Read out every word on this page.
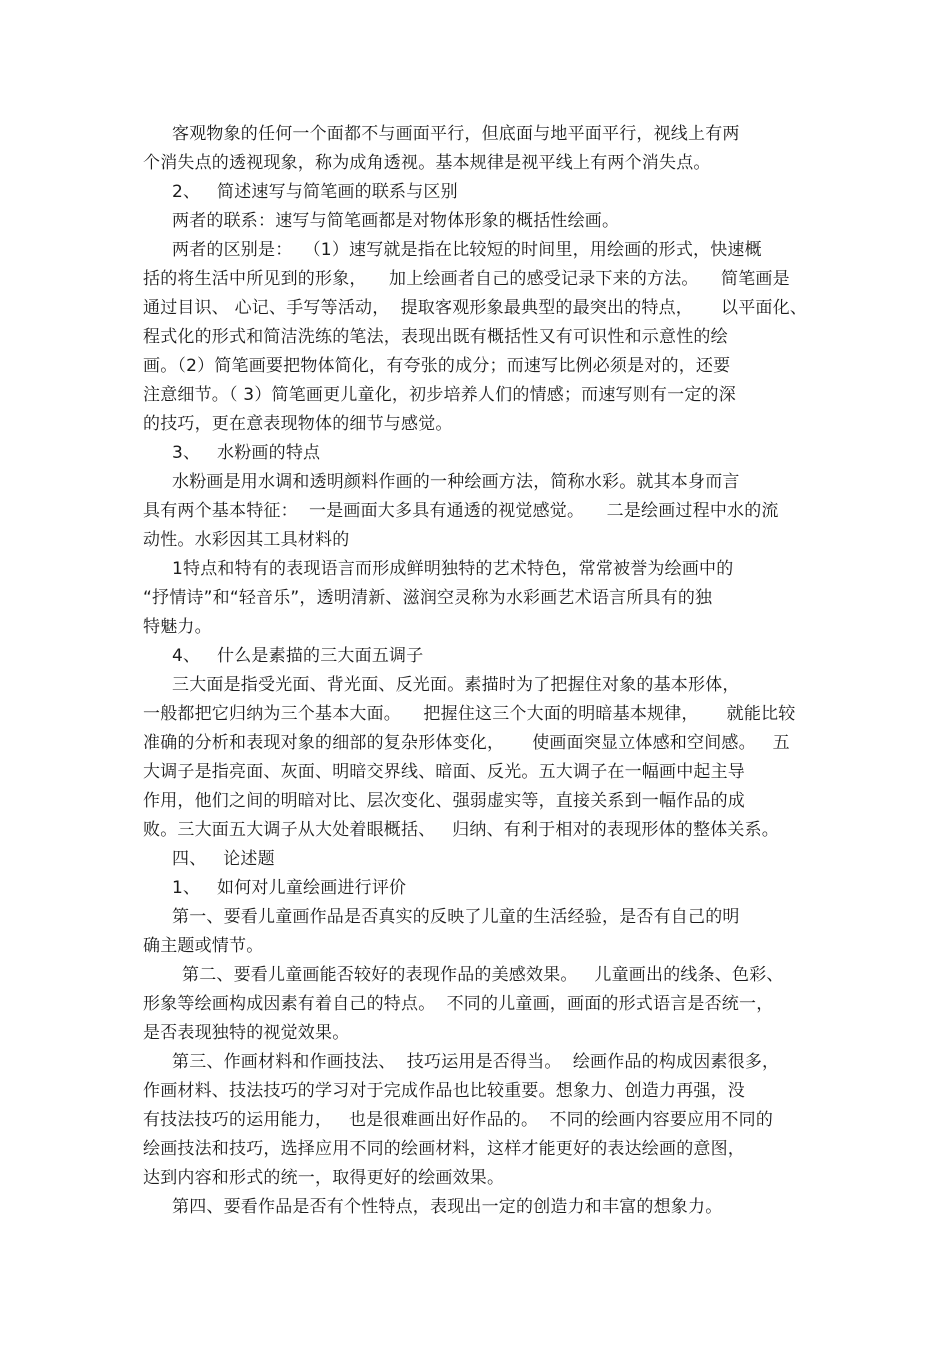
客观物象的任何一个面都不与画面平行，但底面与地平面平行，视线上有两

个消失点的透视现象，称为成角透视。基本规律是视平线上有两个消失点。

2、   简述速写与简笔画的联系与区别

两者的联系：速写与简笔画都是对物体形象的概括性绘画。

两者的区别是：  （1）速写就是指在比较短的时间里，用绘画的形式，快速概

括的将生活中所见到的形象，    加上绘画者自己的感受记录下来的方法。    简笔画是

通过目识、 心记、手写等活动，  提取客观形象最典型的最突出的特点，     以平面化、

程式化的形式和简洁洗练的笔法，表现出既有概括性又有可识性和示意性的绘

画。（2）简笔画要把物体简化，有夸张的成分；而速写比例必须是对的，还要

注意细节。（ 3）简笔画更儿童化，初步培养人们的情感；而速写则有一定的深

的技巧，更在意表现物体的细节与感觉。

3、   水粉画的特点

水粉画是用水调和透明颜料作画的一种绘画方法，简称水彩。就其本身而言

具有两个基本特征：  一是画面大多具有通透的视觉感觉。    二是绘画过程中水的流

动性。水彩因其工具材料的

1特点和特有的表现语言而形成鲜明独特的艺术特色，常常被誉为绘画中的

“抒情诗”和“轻音乐”，透明清新、滋润空灵称为水彩画艺术语言所具有的独

特魅力。

4、   什么是素描的三大面五调子

三大面是指受光面、背光面、反光面。素描时为了把握住对象的基本形体，

一般都把它归纳为三个基本大面。    把握住这三个大面的明暗基本规律，     就能比较

准确的分析和表现对象的细部的复杂形体变化，     使画面突显立体感和空间感。   五

大调子是指亮面、灰面、明暗交界线、暗面、反光。五大调子在一幅画中起主导

作用，他们之间的明暗对比、层次变化、强弱虚实等，直接关系到一幅作品的成

败。三大面五大调子从大处着眼概括、   归纳、有利于相对的表现形体的整体关系。

四、   论述题

1、   如何对儿童绘画进行评价

第一、要看儿童画作品是否真实的反映了儿童的生活经验，是否有自己的明

确主题或情节。

第二、要看儿童画能否较好的表现作品的美感效果。   儿童画出的线条、色彩、

形象等绘画构成因素有着自己的特点。  不同的儿童画，画面的形式语言是否统一，

是否表现独特的视觉效果。

第三、作画材料和作画技法、  技巧运用是否得当。  绘画作品的构成因素很多，

作画材料、技法技巧的学习对于完成作品也比较重要。想象力、创造力再强，没

有技法技巧的运用能力，   也是很难画出好作品的。  不同的绘画内容要应用不同的

绘画技法和技巧，选择应用不同的绘画材料，这样才能更好的表达绘画的意图，

达到内容和形式的统一，取得更好的绘画效果。

第四、要看作品是否有个性特点，表现出一定的创造力和丰富的想象力。
